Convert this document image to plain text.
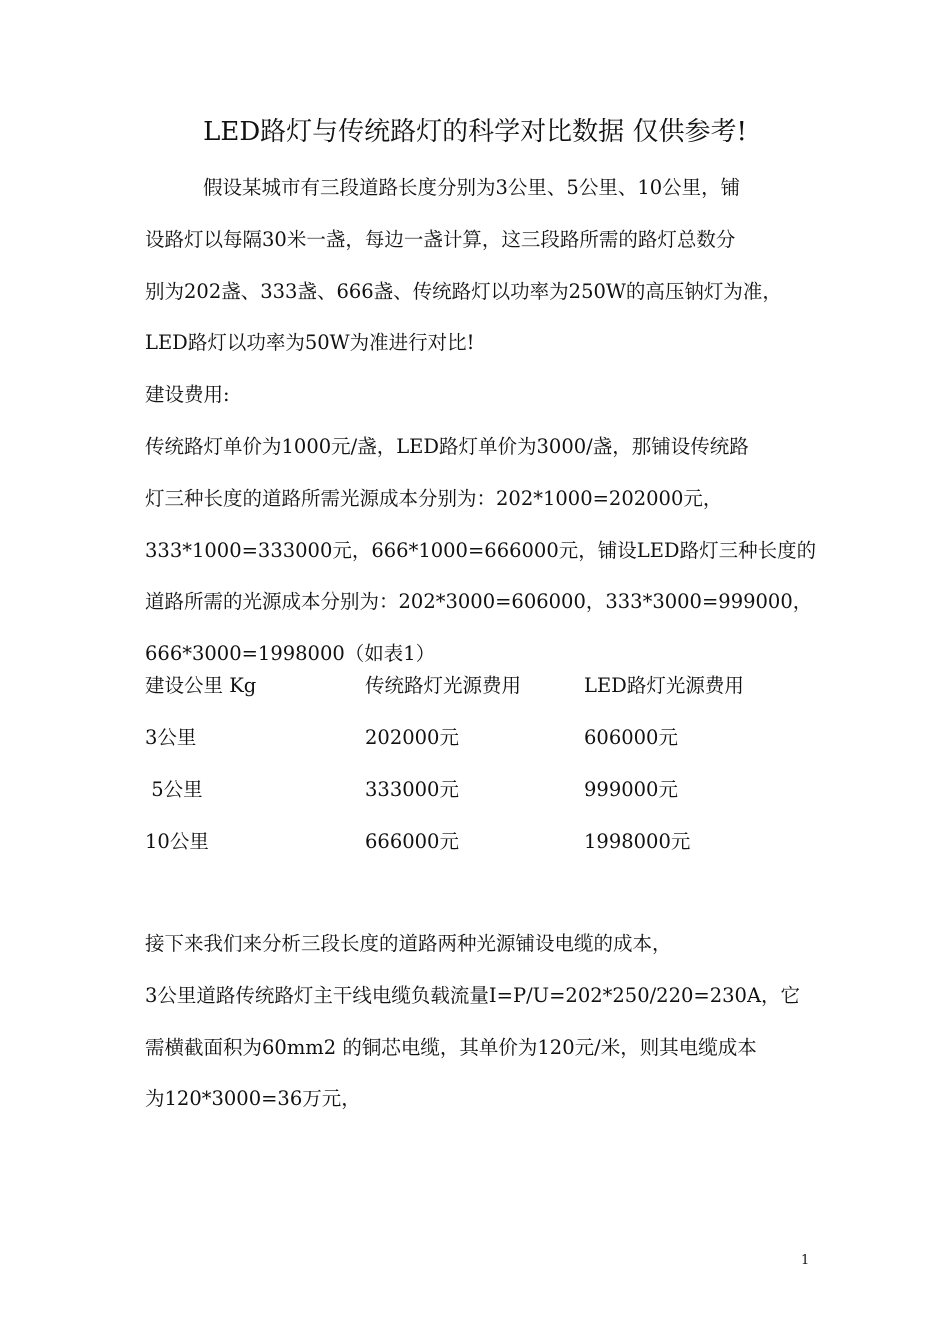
LED路灯与传统路灯的科学对比数据 仅供参考!
假设某城市有三段道路长度分别为3公里、5公里、10公里，铺
设路灯以每隔30米一盏，每边一盏计算，这三段路所需的路灯总数分
别为202盏、333盏、666盏、传统路灯以功率为250W的高压钠灯为准，
LED路灯以功率为50W为准进行对比!
建设费用:
传统路灯单价为1000元/盏，LED路灯单价为3000/盏，那铺设传统路
灯三种长度的道路所需光源成本分别为：202*1000=202000元，
333*1000=333000元，666*1000=666000元，铺设LED路灯三种长度的
道路所需的光源成本分别为：202*3000=606000，333*3000=999000，
666*3000=1998000（如表1）
建设公里 Kg	传统路灯光源费用	LED路灯光源费用
3公里	202000元	606000元
5公里	333000元	999000元
10公里	666000元	1998000元
接下来我们来分析三段长度的道路两种光源铺设电缆的成本，
3公里道路传统路灯主干线电缆负载流量I=P/U=202*250/220=230A，它
需横截面积为60mm2 的铜芯电缆，其单价为120元/米，则其电缆成本
为120*3000=36万元，
1
